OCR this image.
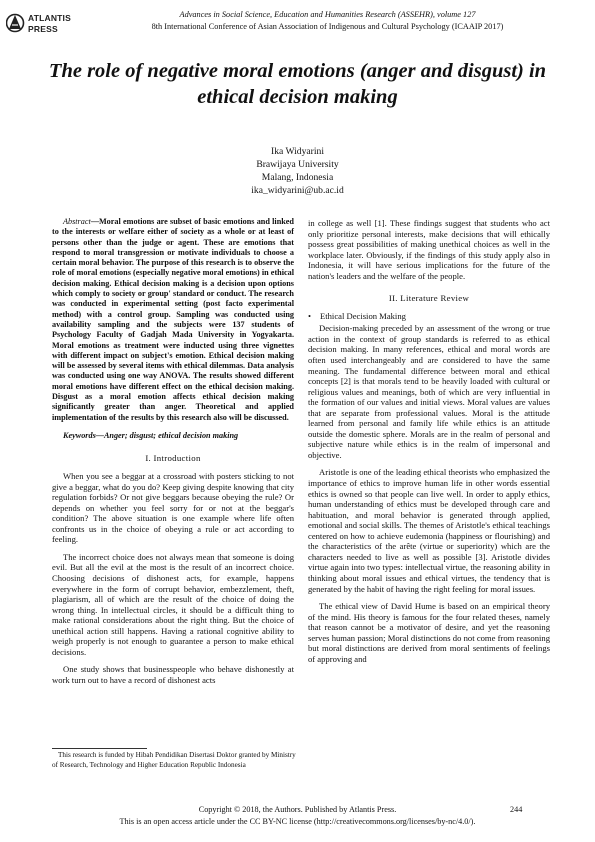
ATLANTIS
PRESS
Advances in Social Science, Education and Humanities Research (ASSEHR), volume 127
8th International Conference of Asian Association of Indigenous and Cultural Psychology (ICAAIP 2017)
The role of negative moral emotions (anger and disgust) in ethical decision making
Ika Widyarini
Brawijaya University
Malang, Indonesia
ika_widyarini@ub.ac.id

Abstract—Moral emotions are subset of basic emotions and linked to the interests or welfare either of society as a whole or at least of persons other than the judge or agent. These are emotions that respond to moral transgression or motivate individuals to choose a certain moral behavior. The purpose of this research is to observe the role of moral emotions (especially negative moral emotions) in ethical decision making. Ethical decision making is a decision upon options which comply to society or group' standard or conduct. The research was conducted in experimental setting (post facto experimental method) with a control group. Sampling was conducted using availability sampling and the subjects were 137 students of Psychology Faculty of Gadjah Mada University in Yogyakarta. Moral emotions as treatment were inducted using three vignettes with different impact on subject's emotion. Ethical decision making will be assessed by several items with ethical dilemmas. Data analysis was conducted using one way ANOVA. The results showed different moral emotions have different effect on the ethical decision making. Disgust as a moral emotion affects ethical decision making significantly greater than anger. Theoretical and applied implementation of the results by this research also will be discussed.

Keywords—Anger; disgust; ethical decision making

I. Introduction

When you see a beggar at a crossroad with posters sticking to not give a beggar, what do you do? Keep giving despite knowing that city regulation forbids? Or not give beggars because obeying the rule? Or depends on whether you feel sorry for or not at the beggar's condition? The above situation is one example where life often confronts us in the choice of obeying a rule or act according to feeling.

The incorrect choice does not always mean that someone is doing evil. But all the evil at the most is the result of an incorrect choice. Choosing decisions of dishonest acts, for example, happens everywhere in the form of corrupt behavior, embezzlement, theft, plagiarism, all of which are the result of the choice of doing the wrong thing. In intellectual circles, it should be a difficult thing to make rational considerations about the right thing. But the choice of unethical action still happens. Having a rational cognitive ability to weigh properly is not enough to guarantee a person to make ethical decisions.

One study shows that businesspeople who behave dishonestly at work turn out to have a record of dishonest acts

in college as well [1]. These findings suggest that students who act only prioritize personal interests, make decisions that will ethically possess great possibilities of making unethical choices as well in the workplace later. Obviously, if the findings of this study apply also in Indonesia, it will have serious implications for the future of the nation's leaders and the welfare of the people.

II. Literature Review

• Ethical Decision Making

Decision-making preceded by an assessment of the wrong or true action in the context of group standards is referred to as ethical decision making. In many references, ethical and moral words are often used interchangeably and are considered to have the same meaning. The fundamental difference between moral and ethical concepts [2] is that morals tend to be heavily loaded with cultural or religious values and meanings, both of which are very influential in the formation of our values and initial views. Moral values are values that are separate from professional values. Moral is the attitude learned from personal and family life while ethics is an attitude outside the domestic sphere. Morals are in the realm of personal and subjective nature while ethics is in the realm of impersonal and objective.

Aristotle is one of the leading ethical theorists who emphasized the importance of ethics to improve human life in other words essential ethics is owned so that people can live well. In order to apply ethics, human understanding of ethics must be developed through care and habituation, and moral behavior is generated through applied, emotional and social skills. The themes of Aristotle's ethical teachings centered on how to achieve eudemonia (happiness or flourishing) and the characteristics of the arête (virtue or superiority) which are the characters needed to live as well as possible [3]. Aristotle divides virtue again into two types: intellectual virtue, the reasoning ability in thinking about moral issues and ethical virtues, the tendency that is generated by the habit of having the right feeling for moral issues.

The ethical view of David Hume is based on an empirical theory of the mind. His theory is famous for the four related theses, namely that reason cannot be a motivator of desire, and yet the reasoning serves human passion; Moral distinctions do not come from reasoning but moral distinctions are derived from moral sentiments of feelings of approving and

This research is funded by Hibah Pendidikan Disertasi Doktor granted by Ministry of Research, Technology and Higher Education Republic Indonesia
Copyright © 2018, the Authors. Published by Atlantis Press.	244
This is an open access article under the CC BY-NC license (http://creativecommons.org/licenses/by-nc/4.0/).
